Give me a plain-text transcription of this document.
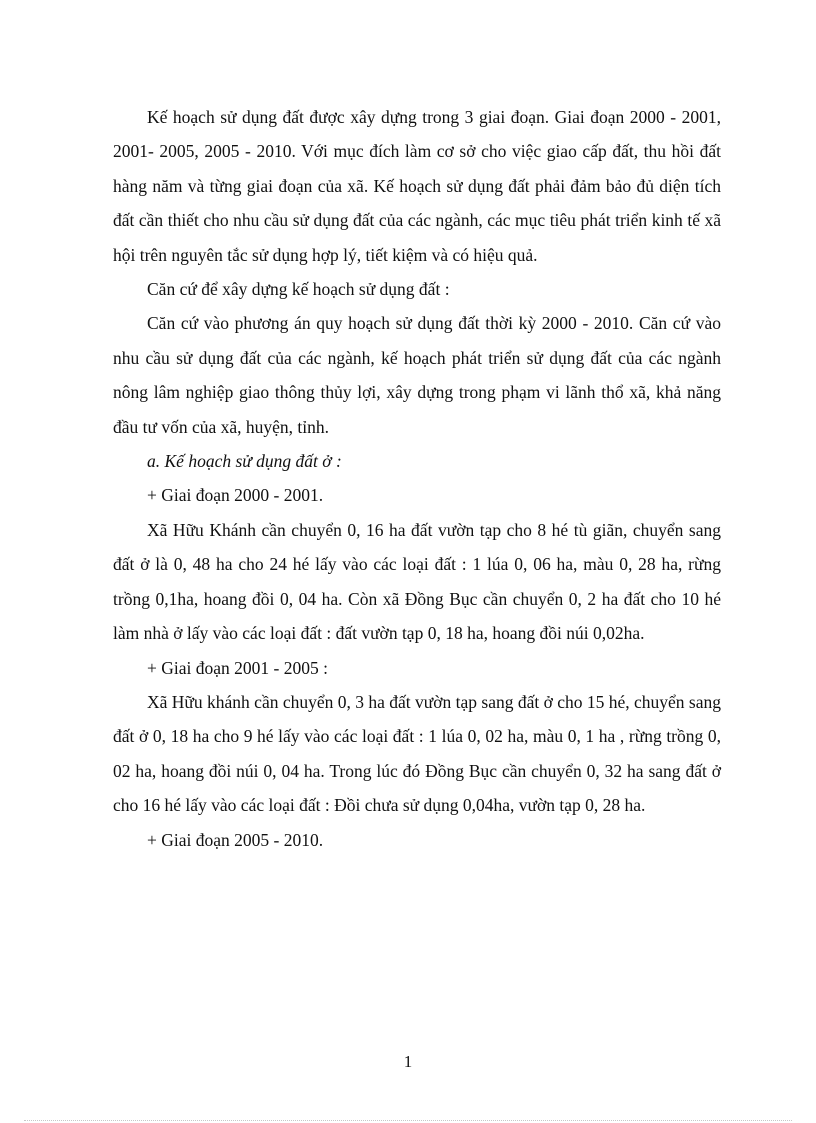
Kế hoạch sử dụng đất được xây dựng trong 3 giai đoạn. Giai đoạn 2000 - 2001, 2001- 2005, 2005 - 2010. Với mục đích làm cơ sở cho việc giao cấp đất, thu hồi đất hàng năm và từng giai đoạn của xã. Kế hoạch sử dụng đất phải đảm bảo đủ diện tích đất cần thiết cho nhu cầu sử dụng đất của các ngành, các mục tiêu phát triển kinh tế xã hội trên nguyên tắc sử dụng hợp lý, tiết kiệm và có hiệu quả.

Căn cứ để xây dựng kế hoạch sử dụng đất :

Căn cứ vào phương án quy hoạch sử dụng đất thời kỳ 2000 - 2010. Căn cứ vào nhu cầu sử dụng đất của các ngành, kế hoạch phát triển sử dụng đất của các ngành nông lâm nghiệp giao thông thủy lợi, xây dựng trong phạm vi lãnh thổ xã, khả năng đầu tư vốn của xã, huyện, tỉnh.

a. Kế hoạch sử dụng đất ở :

+ Giai đoạn 2000 - 2001.

Xã Hữu Khánh cần chuyển 0, 16 ha đất vườn tạp cho 8 hé tù giãn, chuyển sang đất ở là 0, 48 ha cho 24 hé lấy vào các loại đất : 1 lúa 0, 06 ha, màu 0, 28 ha, rừng trồng 0,1ha, hoang đồi 0, 04 ha. Còn xã Đồng Bục cần chuyển 0, 2 ha đất cho 10 hé làm nhà ở lấy vào các loại đất : đất vườn tạp 0, 18 ha, hoang đồi núi 0,02ha.

+ Giai đoạn 2001 - 2005 :

Xã Hữu khánh cần chuyển 0, 3 ha đất vườn tạp sang đất ở cho 15 hé, chuyển sang đất ở 0, 18 ha cho 9 hé lấy vào các loại đất : 1 lúa 0, 02 ha, màu 0, 1 ha , rừng trồng 0, 02 ha, hoang đồi núi 0, 04 ha. Trong lúc đó Đồng Bục cần chuyển 0, 32 ha sang đất ở cho 16 hé lấy vào các loại đất : Đồi chưa sử dụng 0,04ha, vườn tạp 0, 28 ha.

+ Giai đoạn 2005 - 2010.

1
